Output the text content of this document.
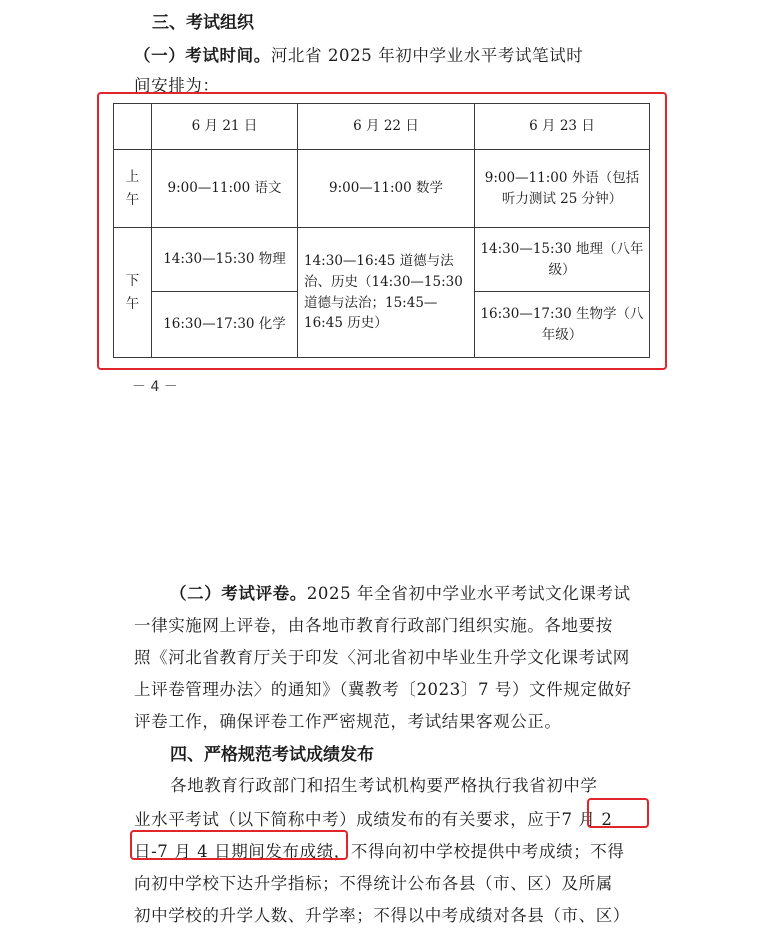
三、考试组织
（一）考试时间。河北省 2025 年初中学业水平考试笔试时
间安排为：
	6 月 21 日	6 月 22 日	6 月 23 日
上午	9:00—11:00 语文	9:00—11:00 数学	9:00—11:00 外语（包括听力测试 25 分钟）
下午	14:30—15:30 物理	14:30—16:45 道德与法治、历史（14:30—15:30 道德与法治；15:45—16:45 历史）	14:30—15:30 地理（八年级）
	16:30—17:30 化学		16:30—17:30 生物学（八年级）
－ 4 －
（二）考试评卷。2025 年全省初中学业水平考试文化课考试
一律实施网上评卷，由各地市教育行政部门组织实施。各地要按
照《河北省教育厅关于印发〈河北省初中毕业生升学文化课考试网
上评卷管理办法〉的通知》（冀教考〔2023〕7 号）文件规定做好
评卷工作，确保评卷工作严密规范，考试结果客观公正。
四、严格规范考试成绩发布
各地教育行政部门和招生考试机构要严格执行我省初中学
业水平考试（以下简称中考）成绩发布的有关要求，应于7 月 2
日-7 月 4 日期间发布成绩，不得向初中学校提供中考成绩；不得
向初中学校下达升学指标；不得统计公布各县（市、区）及所属
初中学校的升学人数、升学率；不得以中考成绩对各县（市、区）
